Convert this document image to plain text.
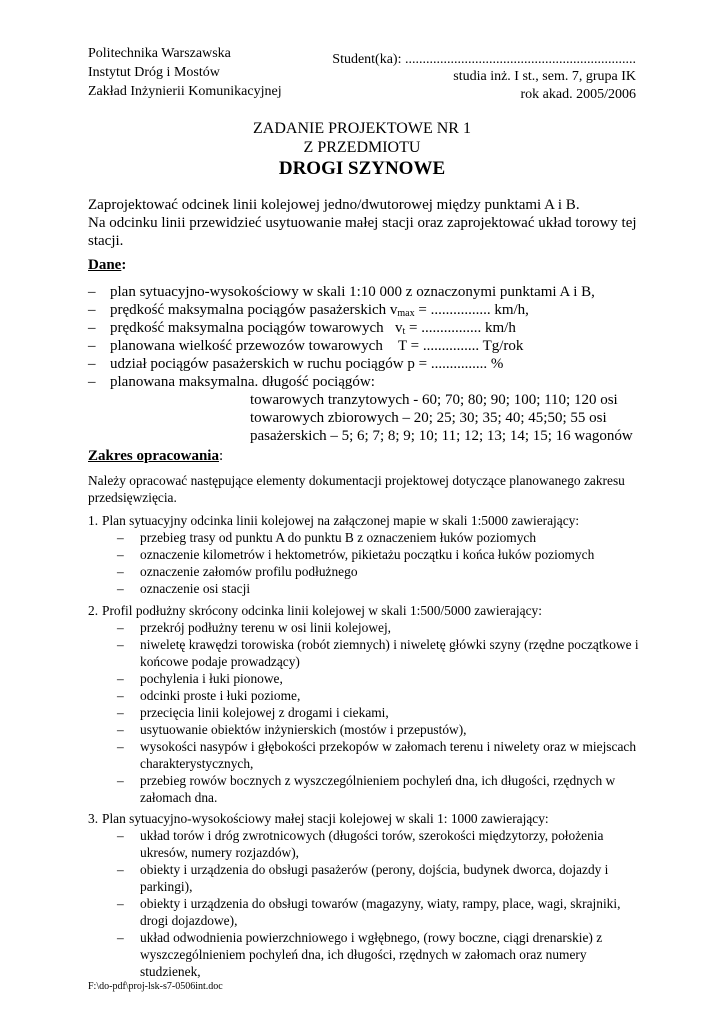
Politechnika Warszawska
Instytut Dróg i Mostów
Zakład Inżynierii Komunikacyjnej
Student(ka): ..................................................................
studia inż. I st., sem. 7, grupa IK
rok akad. 2005/2006
ZADANIE PROJEKTOWE NR 1
Z PRZEDMIOTU
DROGI SZYNOWE
Zaprojektować odcinek linii kolejowej jedno/dwutorowej między punktami A i B.
Na odcinku linii przewidzieć usytuowanie małej stacji oraz zaprojektować układ torowy tej
stacji.
Dane:
– plan sytuacyjno-wysokościowy w skali 1:10 000 z oznaczonymi punktami A i B,
– prędkość maksymalna pociągów pasażerskich $v_{max}$ = ................ km/h,
– prędkość maksymalna pociągów towarowych $v_t$ = ................ km/h
– planowana wielkość przewozów towarowych T = ............... Tg/rok
– udział pociągów pasażerskich w ruchu pociągów p = ............... %
– planowana maksymalna. długość pociągów:
towarowych tranzytowych - 60; 70; 80; 90; 100; 110; 120 osi
towarowych zbiorowych – 20; 25; 30; 35; 40; 45;50; 55 osi
pasażerskich – 5; 6; 7; 8; 9; 10; 11; 12; 13; 14; 15; 16 wagonów
Zakres opracowania:
Należy opracować następujące elementy dokumentacji projektowej dotyczące planowanego zakresu
przedsięwzięcia.
1. Plan sytuacyjny odcinka linii kolejowej na załączonej mapie w skali 1:5000 zawierający:
– przebieg trasy od punktu A do punktu B z oznaczeniem łuków poziomych
– oznaczenie kilometrów i hektometrów, pikietażu początku i końca łuków poziomych
– oznaczenie załomów profilu podłużnego
– oznaczenie osi stacji
2. Profil podłużny skrócony odcinka linii kolejowej w skali 1:500/5000 zawierający:
– przekrój podłużny terenu w osi linii kolejowej,
– niweletę krawędzi torowiska (robót ziemnych) i niweletę główki szyny (rzędne początkowe i
końcowe podaje prowadzący)
– pochylenia i łuki pionowe,
– odcinki proste i łuki poziome,
– przecięcia linii kolejowej z drogami i ciekami,
– usytuowanie obiektów inżynierskich (mostów i przepustów),
– wysokości nasypów i głębokości przekopów w załomach terenu i niwelety oraz w miejscach
charakterystycznych,
– przebieg rowów bocznych z wyszczególnieniem pochyleń dna, ich długości, rzędnych w
załomach dna.
3. Plan sytuacyjno-wysokościowy małej stacji kolejowej w skali 1: 1000 zawierający:
– układ torów i dróg zwrotnicowych (długości torów, szerokości międzytorzy, położenia
ukresów, numery rozjazdów),
– obiekty i urządzenia do obsługi pasażerów (perony, dojścia, budynek dworca, dojazdy i
parkingi),
– obiekty i urządzenia do obsługi towarów (magazyny, wiaty, rampy, place, wagi, skrajniki,
drogi dojazdowe),
– układ odwodnienia powierzchniowego i wgłębnego, (rowy boczne, ciągi drenarskie) z
wyszczególnieniem pochyleń dna, ich długości, rzędnych w załomach oraz numery
studzienek,
F:\do-pdf\proj-lsk-s7-0506int.doc
